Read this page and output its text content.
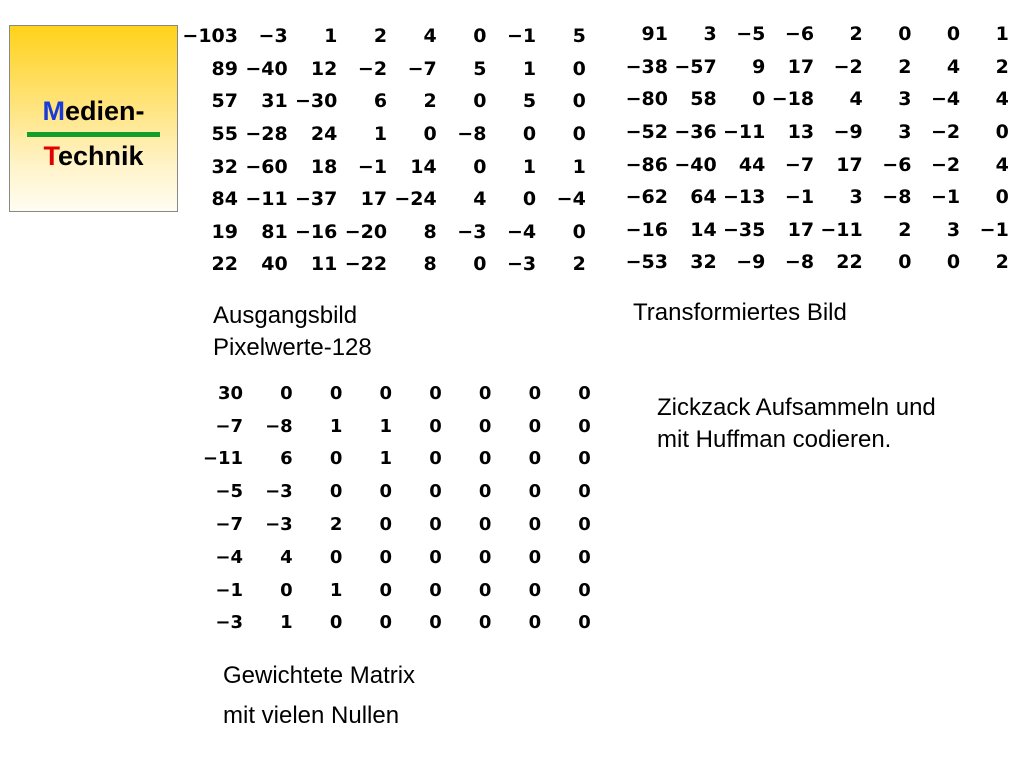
Medien-
Technik
−103	−3	1	2	4	0	−1	5
89 −40	12	−2	−7	5	1	0
57	31 −30	6	2	0	5	0
55 −28	24	1	0	−8	0	0
32 −60	18	−1	14	0	1	1
84 −11 −37	17 −24	4	0	−4
19	81 −16 −20	8	−3	−4	0
22	40	11 −22	8	0	−3	2
91	3	−5	−6	2	0	0	1
−38 −57	9	17	−2	2	4	2
−80	58	0 −18	4	3	−4	4
−52 −36 −11	13	−9	3	−2	0
−86 −40	44	−7	17	−6	−2	4
−62	64 −13	−1	3	−8	−1	0
−16	14 −35	17 −11	2	3	−1
−53	32	−9	−8	22	0	0	2
30	0	0	0	0	0	0	0
−7	−8	1	1	0	0	0	0
−11	6	0	1	0	0	0	0
−5	−3	0	0	0	0	0	0
−7	−3	2	0	0	0	0	0
−4	4	0	0	0	0	0	0
−1	0	1	0	0	0	0	0
−3	1	0	0	0	0	0	0
Ausgangsbild
Pixelwerte-128
Transformiertes Bild
Zickzack Aufsammeln und
mit Huffman codieren.
Gewichtete Matrix
mit vielen Nullen
